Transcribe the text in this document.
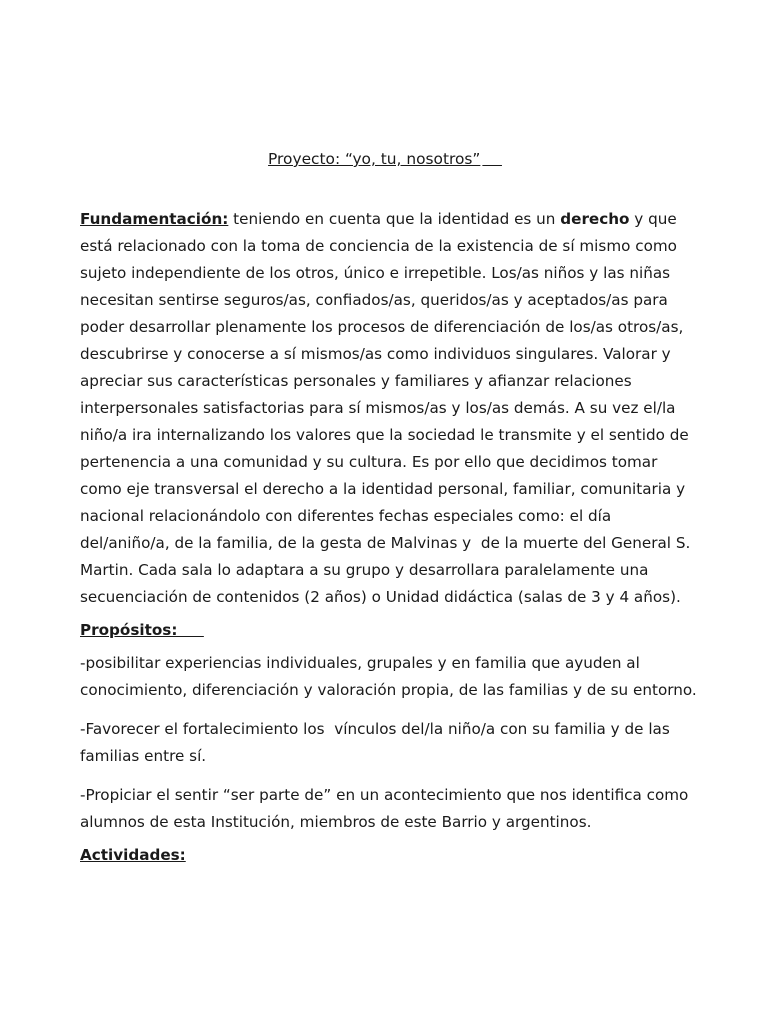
Proyecto: “yo, tu, nosotros”
Fundamentación: teniendo en cuenta que la identidad es un derecho y que
está relacionado con la toma de conciencia de la existencia de sí mismo como
sujeto independiente de los otros, único e irrepetible. Los/as niños y las niñas
necesitan sentirse seguros/as, confiados/as, queridos/as y aceptados/as para
poder desarrollar plenamente los procesos de diferenciación de los/as otros/as,
descubrirse y conocerse a sí mismos/as como individuos singulares. Valorar y
apreciar sus características personales y familiares y afianzar relaciones
interpersonales satisfactorias para sí mismos/as y los/as demás. A su vez el/la
niño/a ira internalizando los valores que la sociedad le transmite y el sentido de
pertenencia a una comunidad y su cultura. Es por ello que decidimos tomar
como eje transversal el derecho a la identidad personal, familiar, comunitaria y
nacional relacionándolo con diferentes fechas especiales como: el día
del/aniño/a, de la familia, de la gesta de Malvinas y  de la muerte del General S.
Martin. Cada sala lo adaptara a su grupo y desarrollara paralelamente una
secuenciación de contenidos (2 años) o Unidad didáctica (salas de 3 y 4 años).
Propósitos:
-posibilitar experiencias individuales, grupales y en familia que ayuden al
conocimiento, diferenciación y valoración propia, de las familias y de su entorno.
-Favorecer el fortalecimiento los  vínculos del/la niño/a con su familia y de las
familias entre sí.
-Propiciar el sentir “ser parte de” en un acontecimiento que nos identifica como
alumnos de esta Institución, miembros de este Barrio y argentinos.
Actividades:
